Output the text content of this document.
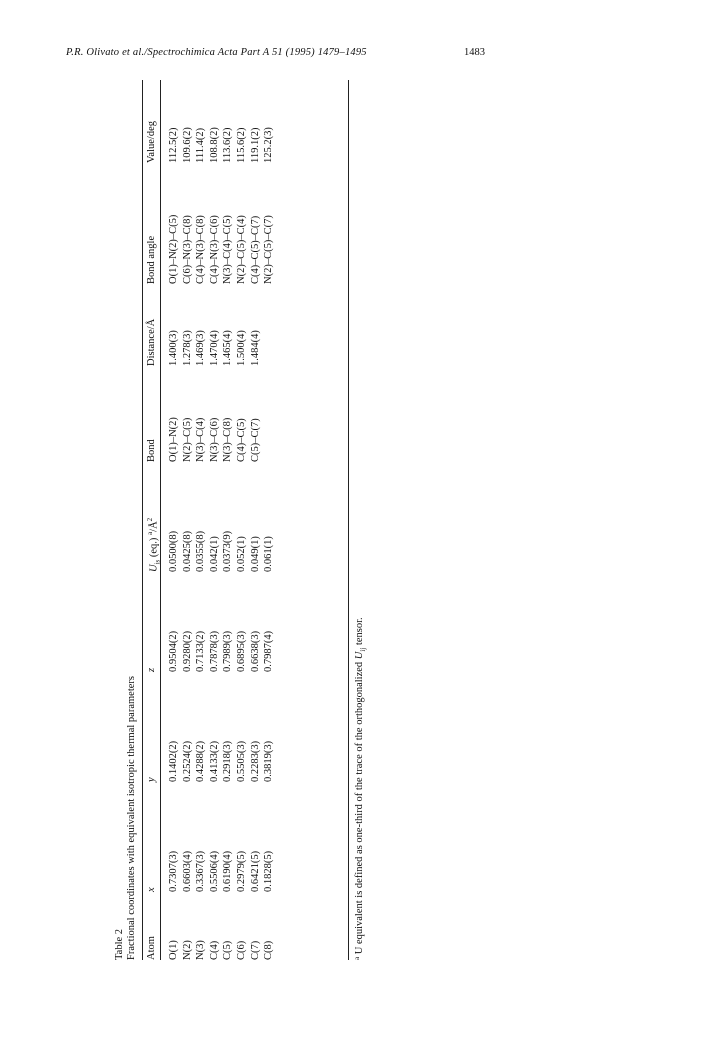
P.R. Olivato et al./Spectrochimica Acta Part A 51 (1995) 1479–1495	1483
Table 2 Fractional coordinates with equivalent isotropic thermal parameters Atom
x
y
z
$U_{is}$ (eq.) $^a/Å^2$
Bond
Distance/Å
Bond angle
Value/deg
O(1) N(2) N(3) C(4) C(5) C(6) C(7) C(8)
0.7307(3) 0.6603(4) 0.3367(3) 0.5506(4) 0.6190(4) 0.2979(5) 0.6421(5) 0.1828(5)
0.1402(2) 0.2524(2) 0.4288(2) 0.4133(2) 0.2918(3) 0.5505(3) 0.2283(3) 0.3819(3)
0.9504(2) 0.9280(2) 0.7133(2) 0.7878(3) 0.7989(3) 0.6895(3) 0.6638(3) 0.7987(4)
0.0500(8) 0.0425(8) 0.0355(8) 0.042(1) 0.0373(9) 0.052(1) 0.049(1) 0.061(1)
O(1)–N(2) N(2)–C(5) N(3)–C(4) N(3)–C(6) N(3)–C(8) C(4)–C(5) C(5)–C(7)
1.400(3) 1.278(3) 1.469(3) 1.470(4) 1.465(4) 1.500(4) 1.484(4)
O(1)–N(2)–C(5) C(6)–N(3)–C(8) C(4)–N(3)–C(8) C(4)–N(3)–C(6) N(3)–C(4)–C(5) N(2)–C(5)–C(4) C(4)–C(5)–C(7) N(2)–C(5)–C(7)
112.5(2) 109.6(2) 111.4(2) 108.8(2) 113.6(2) 115.6(2) 119.1(2) 125.2(3)
$^a$ U equivalent is defined as one-third of the trace of the orthogonalized $U_{ij}$ tensor.
